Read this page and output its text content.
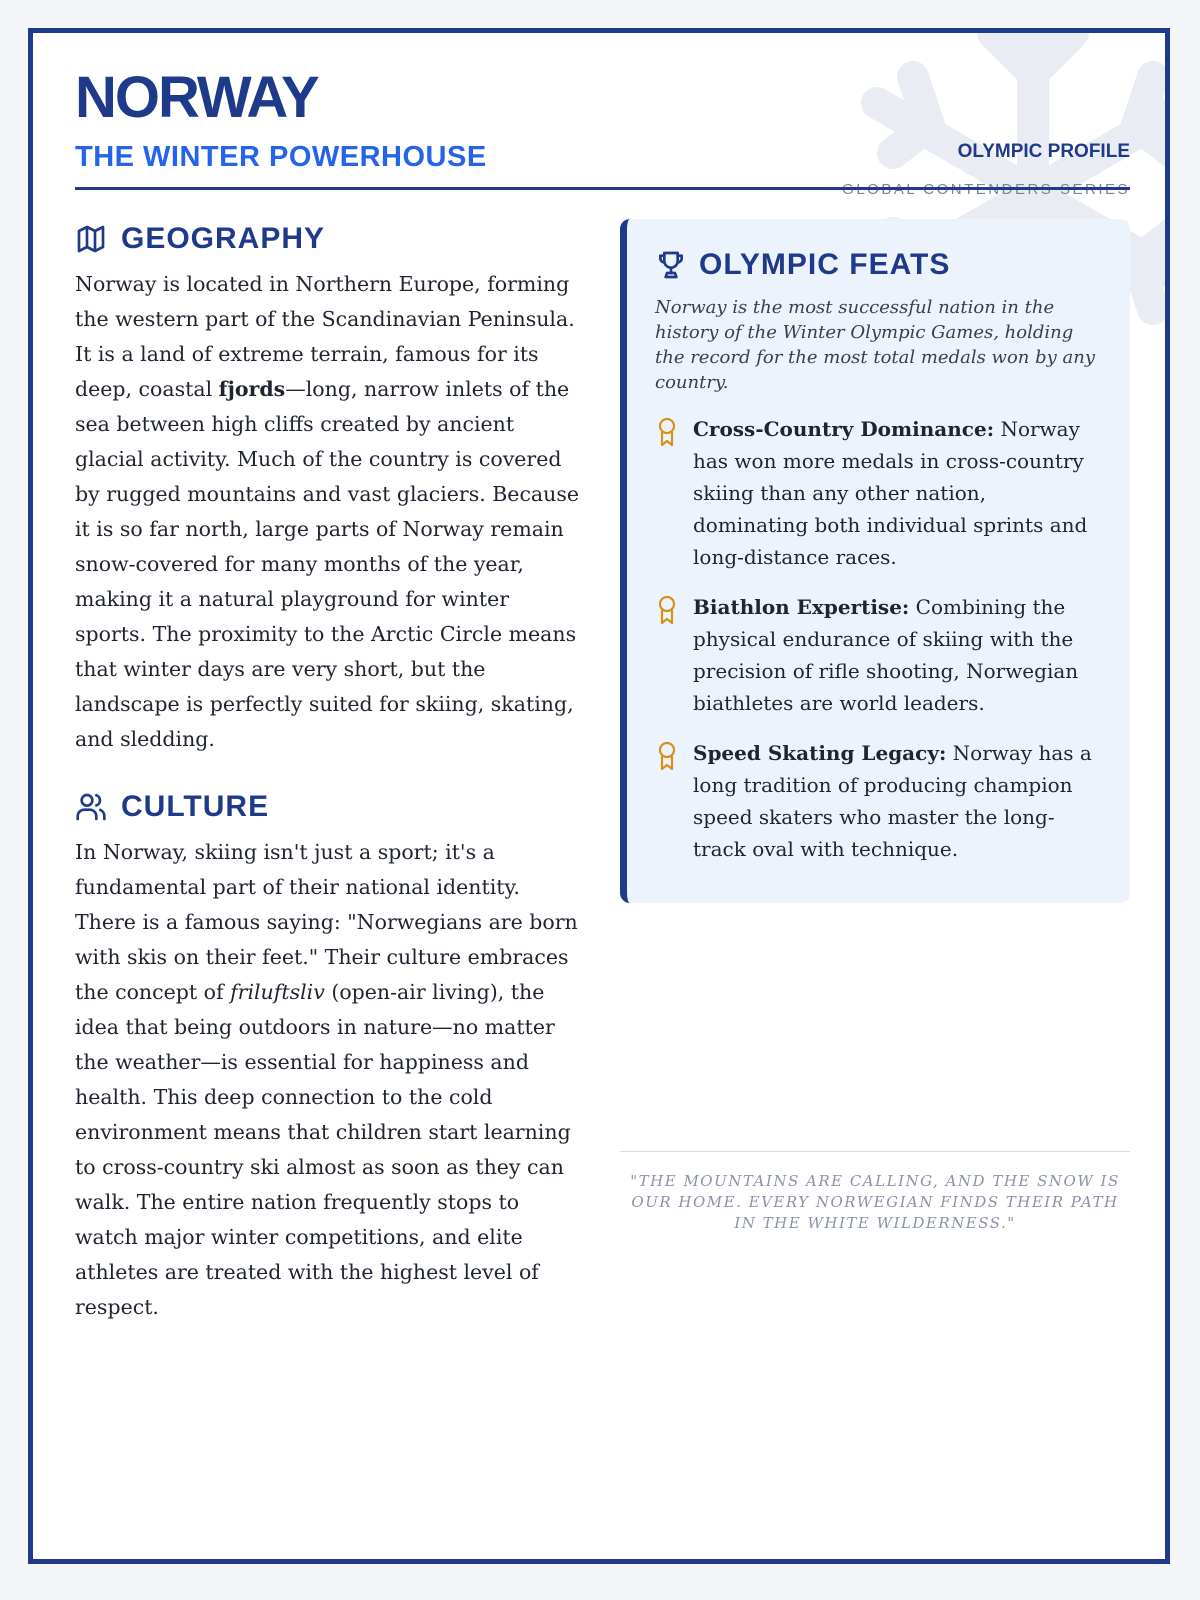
NORWAY
THE WINTER POWERHOUSE	OLYMPIC PROFILE
GEOGRAPHY

Norway is located in Northern Europe, forming the western part of the Scandinavian Peninsula. It is a land of extreme terrain, famous for its deep, coastal fjords—long, narrow inlets of the sea between high cliffs created by ancient glacial activity. Much of the country is covered by rugged mountains and vast glaciers. Because it is so far north, large parts of Norway remain snow-covered for many months of the year, making it a natural playground for winter sports. The proximity to the Arctic Circle means that winter days are very short, but the landscape is perfectly suited for skiing, skating, and sledding.

CULTURE

In Norway, skiing isn't just a sport; it's a fundamental part of their national identity. There is a famous saying: "Norwegians are born with skis on their feet." Their culture embraces the concept of friluftsliv (open-air living), the idea that being outdoors in nature—no matter the weather—is essential for happiness and health. This deep connection to the cold environment means that children start learning to cross-country ski almost as soon as they can walk. The entire nation frequently stops to watch major winter competitions, and elite athletes are treated with the highest level of respect.

OLYMPIC FEATS

Norway is the most successful nation in the history of the Winter Olympic Games, holding the record for the most total medals won by any country.

Cross-Country Dominance: Norway has won more medals in cross-country skiing than any other nation, dominating both individual sprints and long-distance races.

Biathlon Expertise: Combining the physical endurance of skiing with the precision of rifle shooting, Norwegian biathletes are world leaders.

Speed Skating Legacy: Norway has a long tradition of producing champion speed skaters who master the long-track oval with technique.

"THE MOUNTAINS ARE CALLING, AND THE SNOW IS OUR HOME. EVERY NORWEGIAN FINDS THEIR PATH IN THE WHITE WILDERNESS."
